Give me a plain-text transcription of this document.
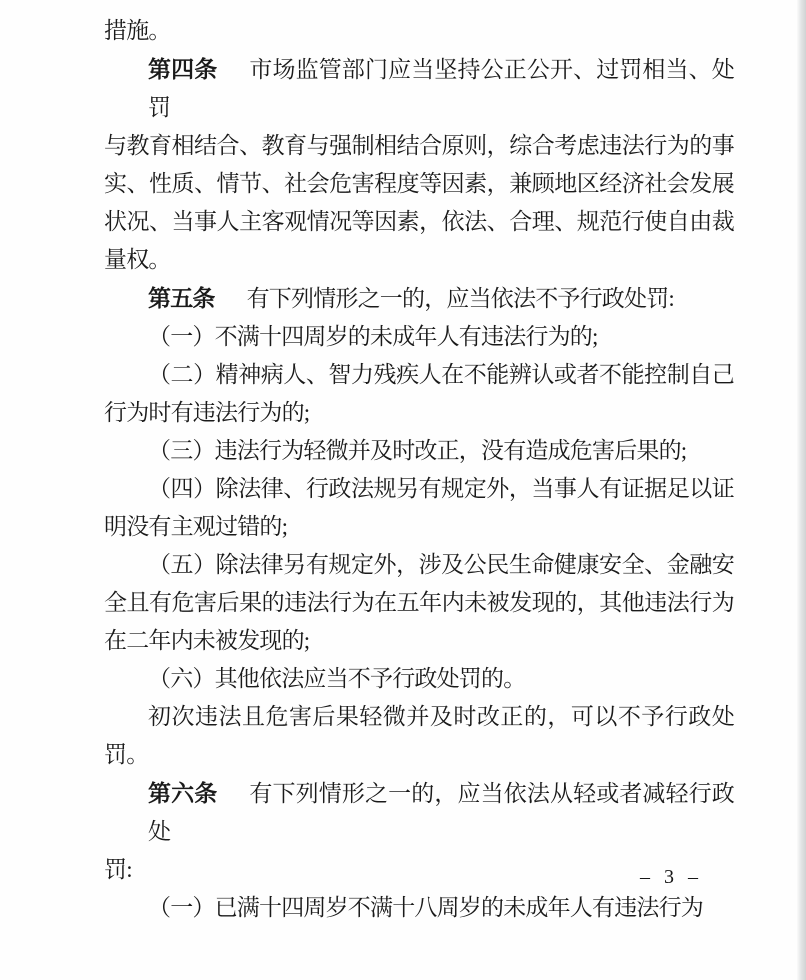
措施。
第四条 市场监管部门应当坚持公正公开、过罚相当、处罚
与教育相结合、教育与强制相结合原则，综合考虑违法行为的事
实、性质、情节、社会危害程度等因素，兼顾地区经济社会发展
状况、当事人主客观情况等因素，依法、合理、规范行使自由裁
量权。
第五条 有下列情形之一的，应当依法不予行政处罚:
（一）不满十四周岁的未成年人有违法行为的;
（二）精神病人、智力残疾人在不能辨认或者不能控制自己
行为时有违法行为的;
（三）违法行为轻微并及时改正，没有造成危害后果的;
（四）除法律、行政法规另有规定外，当事人有证据足以证
明没有主观过错的;
（五）除法律另有规定外，涉及公民生命健康安全、金融安
全且有危害后果的违法行为在五年内未被发现的，其他违法行为
在二年内未被发现的;
（六）其他依法应当不予行政处罚的。
初次违法且危害后果轻微并及时改正的，可以不予行政处
罚。
第六条 有下列情形之一的，应当依法从轻或者减轻行政处
罚:
（一）已满十四周岁不满十八周岁的未成年人有违法行为
– 3 –
